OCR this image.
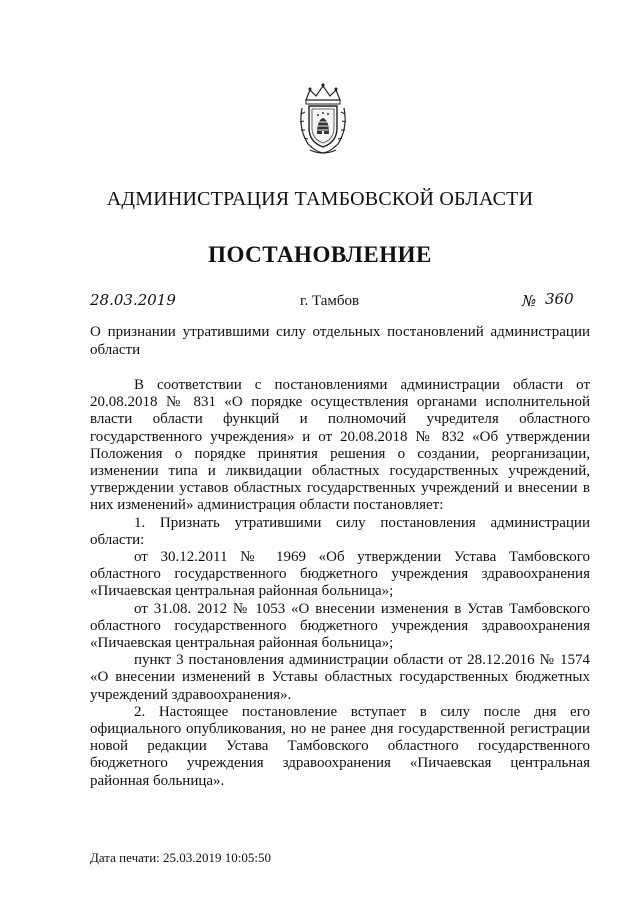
АДМИНИСТРАЦИЯ ТАМБОВСКОЙ ОБЛАСТИ
ПОСТАНОВЛЕНИЕ
28.03.2019	г. Тамбов	№ 360
О признании утратившими силу отдельных постановлений администрации области

В соответствии с постановлениями администрации области от 20.08.2018 № 831 «О порядке осуществления органами исполнительной власти области функций и полномочий учредителя областного государственного учреждения» и от 20.08.2018 № 832 «Об утверждении Положения о порядке принятия решения о создании, реорганизации, изменении типа и ликвидации областных государственных учреждений, утверждении уставов областных государственных учреждений и внесении в них изменений» администрация области постановляет:

1. Признать утратившими силу постановления администрации области:

от 30.12.2011 № 1969 «Об утверждении Устава Тамбовского областного государственного бюджетного учреждения здравоохранения «Пичаевская центральная районная больница»;

от 31.08. 2012 № 1053 «О внесении изменения в Устав Тамбовского областного государственного бюджетного учреждения здравоохранения «Пичаевская центральная районная больница»;

пункт 3 постановления администрации области от 28.12.2016 № 1574 «О внесении изменений в Уставы областных государственных бюджетных учреждений здравоохранения».

2. Настоящее постановление вступает в силу после дня его официального опубликования, но не ранее дня государственной регистрации новой редакции Устава Тамбовского областного государственного бюджетного учреждения здравоохранения «Пичаевская центральная районная больница».

Дата печати: 25.03.2019 10:05:50
